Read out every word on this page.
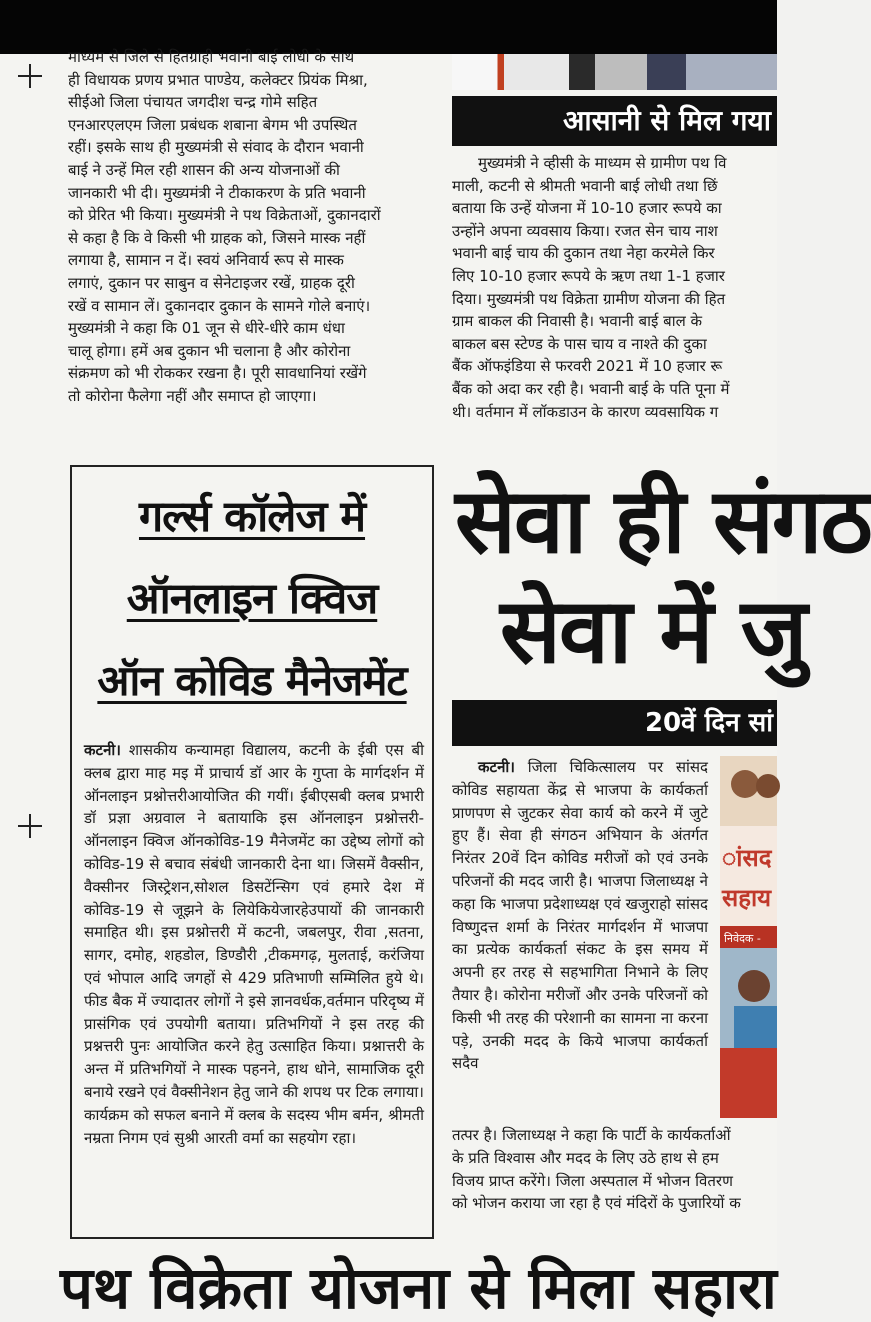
माध्यम से जिले से हितग्राही भवानी बाई लोधी के साथ
ही विधायक प्रणय प्रभात पाण्डेय, कलेक्टर प्रियंक मिश्रा,
सीईओ जिला पंचायत जगदीश चन्द्र गोमे सहित
एनआरएलएम जिला प्रबंधक शबाना बेगम भी उपस्थित
रहीं। इसके साथ ही मुख्यमंत्री से संवाद के दौरान भवानी
बाई ने उन्हें मिल रही शासन की अन्य योजनाओं की
जानकारी भी दी। मुख्यमंत्री ने टीकाकरण के प्रति भवानी
को प्रेरित भी किया। मुख्यमंत्री ने पथ विक्रेताओं, दुकानदारों
से कहा है कि वे किसी भी ग्राहक को, जिसने मास्क नहीं
लगाया है, सामान न दें। स्वयं अनिवार्य रूप से मास्क
लगाएं, दुकान पर साबुन व सेनेटाइजर रखें, ग्राहक दूरी
रखें व सामान लें। दुकानदार दुकान के सामने गोले बनाएं।
मुख्यमंत्री ने कहा कि 01 जून से धीरे-धीरे काम धंधा
चालू होगा। हमें अब दुकान भी चलाना है और कोरोना
संक्रमण को भी रोककर रखना है। पूरी सावधानियां रखेंगे
तो कोरोना फैलेगा नहीं और समाप्त हो जाएगा।
गर्ल्स कॉलेज में
ऑनलाइन क्विज
ऑन कोविड मैनेजमेंट
कटनी। शासकीय कन्यामहा विद्यालय, कटनी के ईबी एस बी क्लब द्वारा माह मइ में प्राचार्य डॉ आर के गुप्ता के मार्गदर्शन में ऑनलाइन प्रश्नोत्तरीआयोजित की गयीं। ईबीएसबी क्लब प्रभारी डॉ प्रज्ञा अग्रवाल ने बतायाकि इस ऑनलाइन प्रश्नोत्तरी-ऑनलाइन क्विज ऑनकोविड-19 मैनेजमेंट का उद्देष्य लोगों को कोविड-19 से बचाव संबंधी जानकारी देना था। जिसमें वैक्सीन, वैक्सीनर जिस्ट्रेशन,सोशल डिसटेंन्सिग एवं हमारे देश में कोविड-19 से जूझने के लियेकियेजारहेउपायों की जानकारी समाहित थी। इस प्रश्नोत्तरी में कटनी, जबलपुर, रीवा ,सतना, सागर, दमोह, शहडोल, डिण्डौरी ,टीकमगढ़, मुलताई, करंजिया एवं भोपाल आदि जगहों से 429 प्रतिभाणी सम्मिलित हुये थे। फीड बैक में ज्यादातर लोगों ने इसे ज्ञानवर्धक,वर्तमान परिदृष्य में प्रासंगिक एवं उपयोगी बताया। प्रतिभगियों ने इस तरह की प्रश्नत्तरी पुनः आयोजित करने हेतु उत्साहित किया। प्रश्नात्तरी के अन्त में प्रतिभगियों ने मास्क पहनने, हाथ धोने, सामाजिक दूरी बनाये रखने एवं वैक्सीनेशन हेतु जाने की शपथ पर टिक लगाया। कार्यक्रम को सफल बनाने में क्लब के सदस्य भीम बर्मन, श्रीमती नम्रता निगम एवं सुश्री आरती वर्मा का सहयोग रहा।
आसानी से मिल गया
मुख्यमंत्री ने व्हीसी के माध्यम से ग्रामीण पथ वि
माली, कटनी से श्रीमती भवानी बाई लोधी तथा छिं
बताया कि उन्हें योजना में 10-10 हजार रूपये का
उन्होंने अपना व्यवसाय किया। रजत सेन चाय नाश
भवानी बाई चाय की दुकान तथा नेहा करमेले किर
लिए 10-10 हजार रूपये के ऋण तथा 1-1 हजार
दिया। मुख्यमंत्री पथ विक्रेता ग्रामीण योजना की हित
ग्राम बाकल की निवासी है। भवानी बाई बाल के
बाकल बस स्टेण्ड के पास चाय व नाश्ते की दुका
बैंक ऑफइंडिया से फरवरी 2021 में 10 हजार रू
बैंक को अदा कर रही है। भवानी बाई के पति पूना में
थी। वर्तमान में लॉकडाउन के कारण व्यवसायिक ग
सेवा ही संगठ
सेवा में जु
20वें दिन सां
कटनी। जिला चिकित्सालय पर सांसद कोविड सहायता केंद्र से भाजपा के कार्यकर्ता प्राणपण से जुटकर सेवा कार्य को करने में जुटे हुए हैं। सेवा ही संगठन अभियान के अंतर्गत निरंतर 20वें दिन कोविड मरीजों को एवं उनके परिजनों की मदद जारी है। भाजपा जिलाध्यक्ष ने कहा कि भाजपा प्रदेशाध्यक्ष एवं खजुराहो सांसद विष्णुदत्त शर्मा के निरंतर मार्गदर्शन में भाजपा का प्रत्येक कार्यकर्ता संकट के इस समय में अपनी हर तरह से सहभागिता निभाने के लिए तैयार है। कोरोना मरीजों और उनके परिजनों को किसी भी तरह की परेशानी का सामना ना करना पड़े, उनकी मदद के किये भाजपा कार्यकर्ता सदैव
ांसद
सहाय
निवेदक -
तत्पर है। जिलाध्यक्ष ने कहा कि पार्टी के कार्यकर्ताओं
के प्रति विश्वास और मदद के लिए उठे हाथ से हम
विजय प्राप्त करेंगे। जिला अस्पताल में भोजन वितरण
को भोजन कराया जा रहा है एवं मंदिरों के पुजारियों क
पथ विक्रेता योजना से मिला सहारा
